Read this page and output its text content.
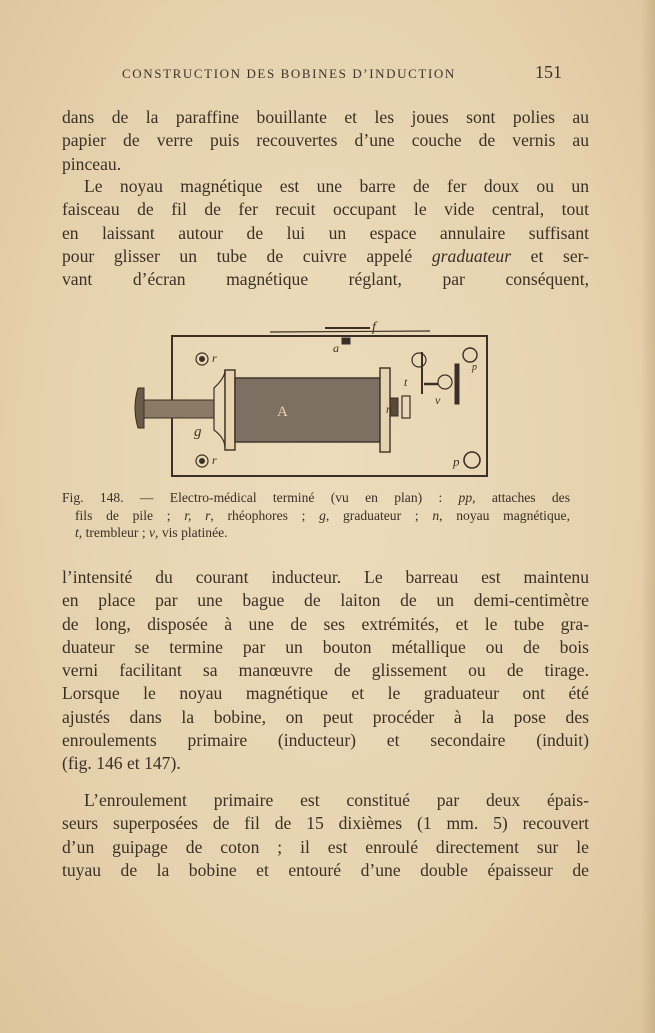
CONSTRUCTION DES BOBINES D’INDUCTION	151
dans de la paraffine bouillante et les joues sont polies au
papier de verre puis recouvertes d’une couche de vernis au
pinceau.
Le noyau magnétique est une barre de fer doux ou un
faisceau de fil de fer recuit occupant le vide central, tout
en laissant autour de lui un espace annulaire suffisant
pour glisser un tube de cuivre appelé graduateur et ser-
vant d’écran magnétique réglant, par conséquent,
a
f
r
r
g
A	n
t
v
p
p
Fig. 148. — Electro-médical terminé (vu en plan) : pp, attaches des
fils de pile ; r, r, rhéophores ; g, graduateur ; n, noyau magnétique,
t, trembleur ; v, vis platinée.
l’intensité du courant inducteur. Le barreau est maintenu
en place par une bague de laiton de un demi-centimètre
de long, disposée à une de ses extrémités, et le tube gra-
duateur se termine par un bouton métallique ou de bois
verni facilitant sa manœuvre de glissement ou de tirage.
Lorsque le noyau magnétique et le graduateur ont été
ajustés dans la bobine, on peut procéder à la pose des
enroulements primaire (inducteur) et secondaire (induit)
(fig. 146 et 147).
L’enroulement primaire est constitué par deux épais-
seurs superposées de fil de 15 dixièmes (1 mm. 5) recouvert
d’un guipage de coton ; il est enroulé directement sur le
tuyau de la bobine et entouré d’une double épaisseur de
